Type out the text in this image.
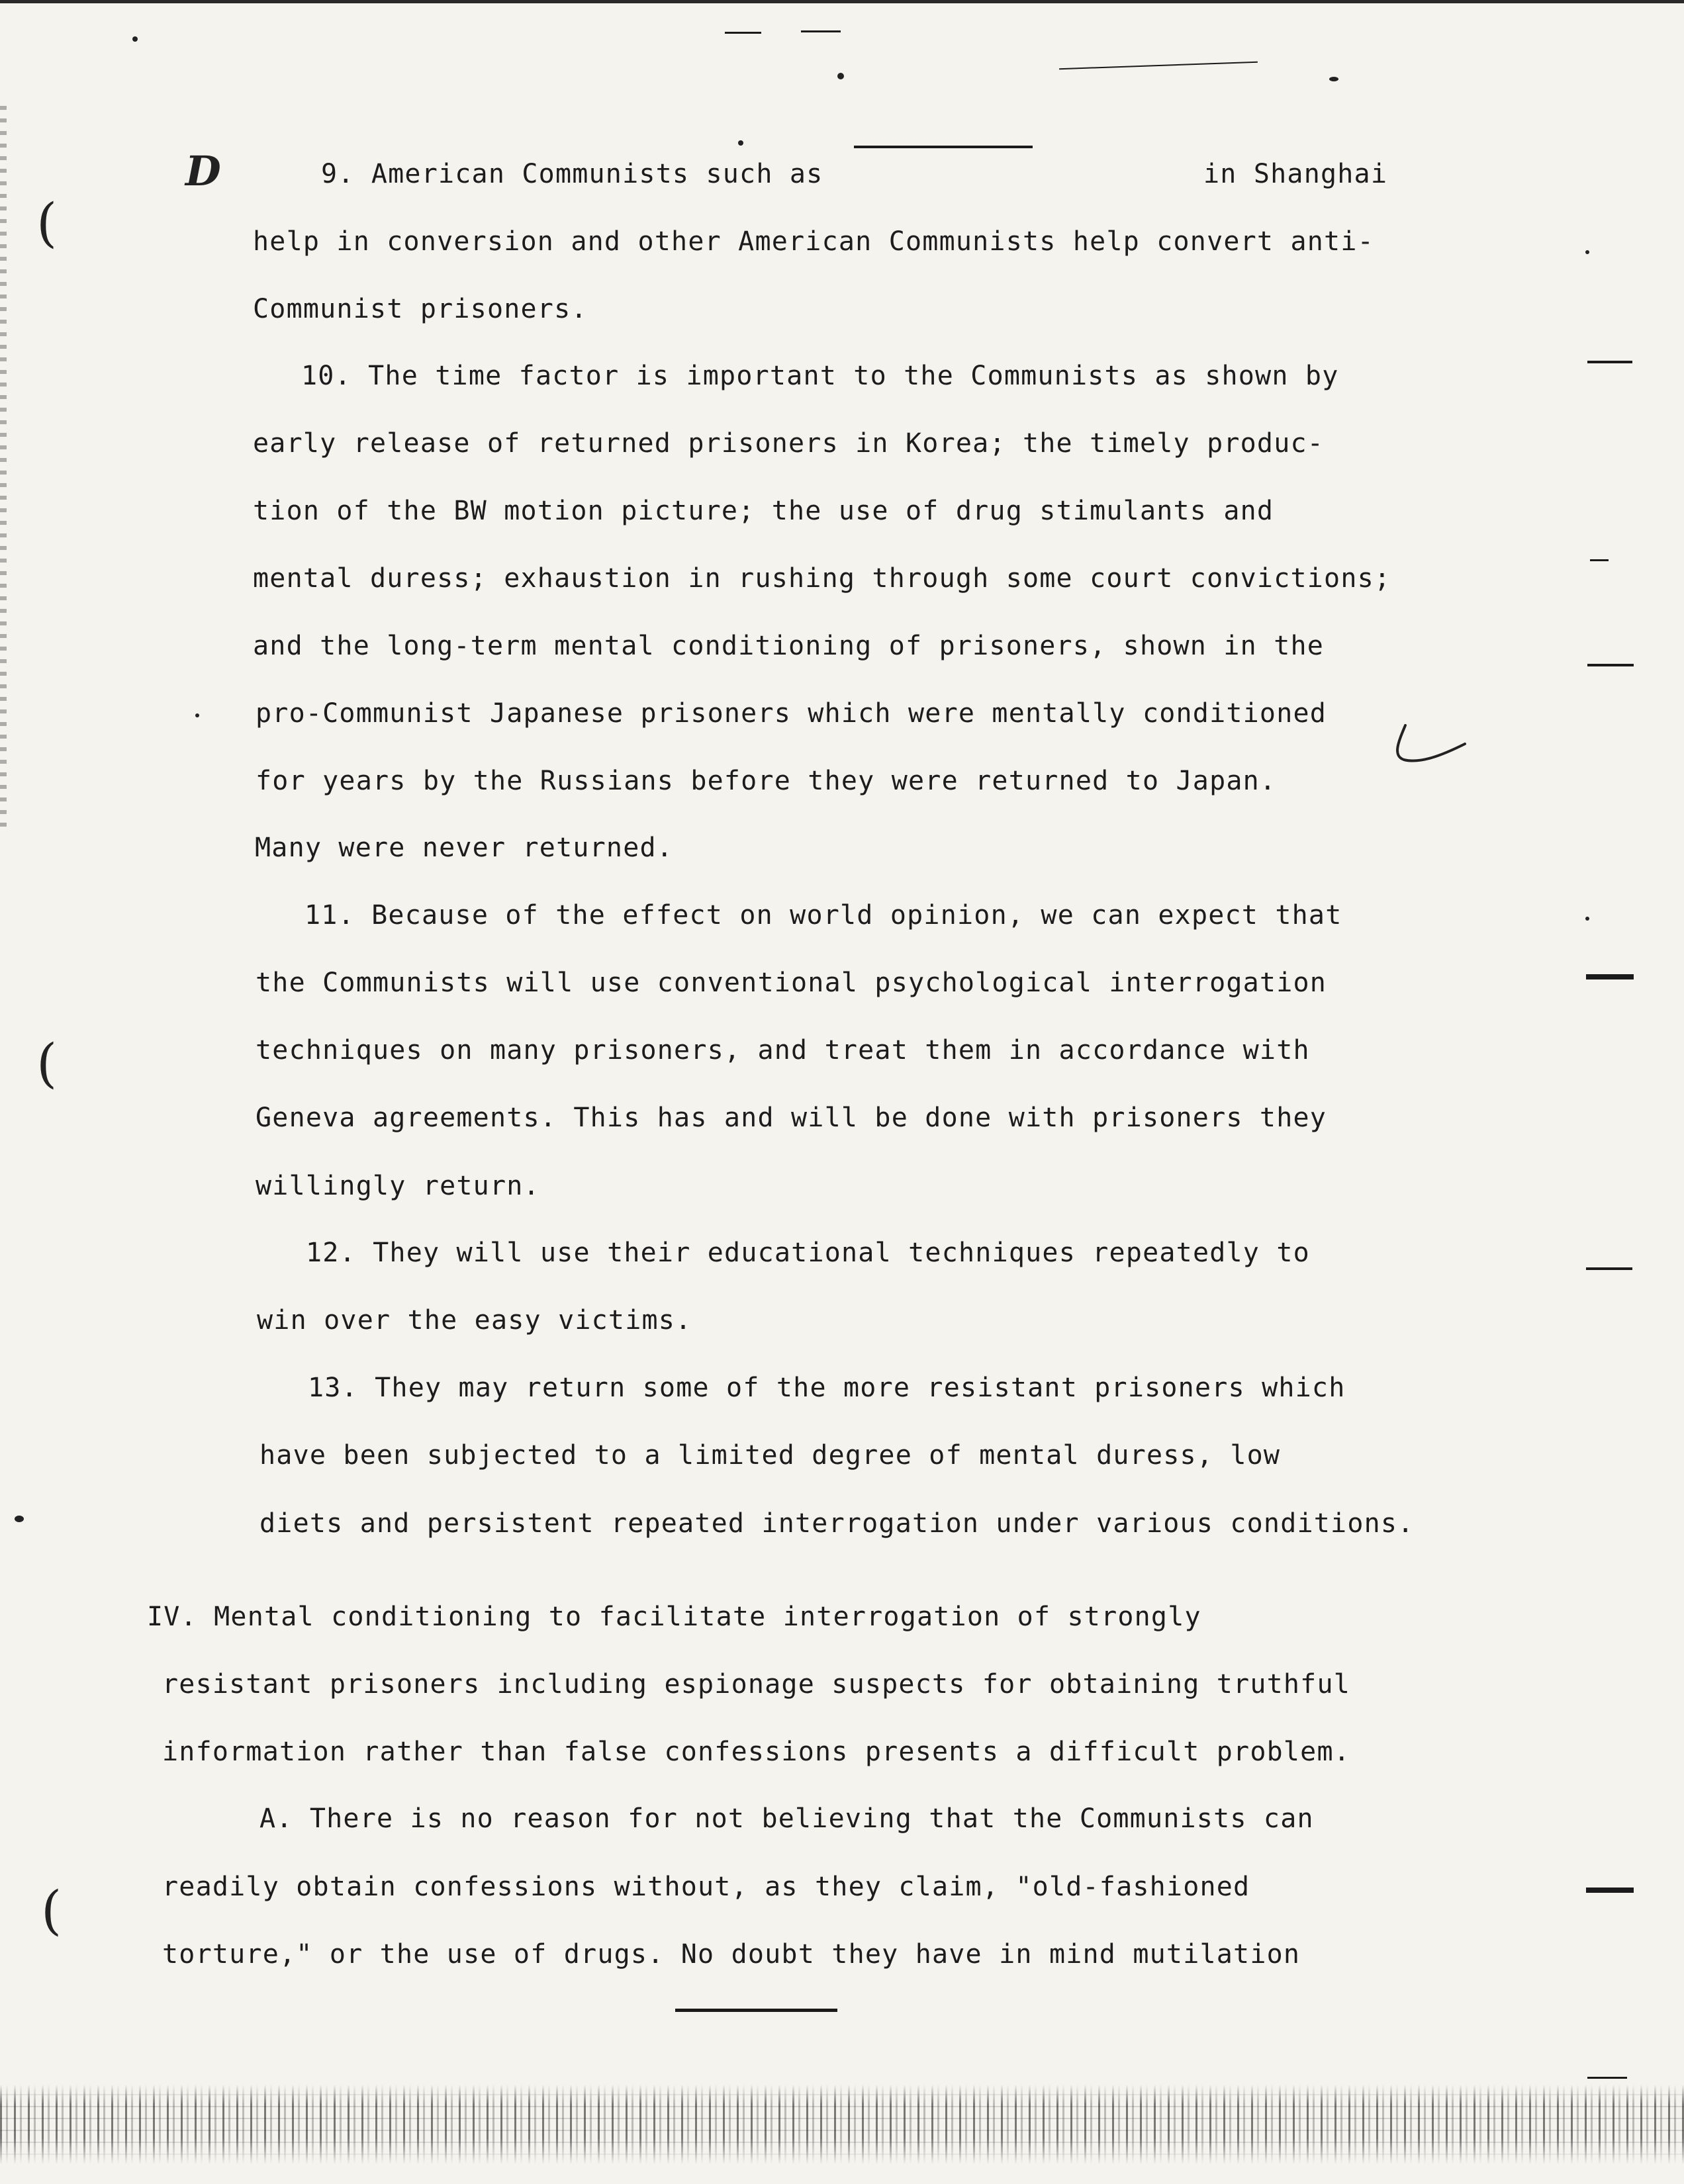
D
(
(
(
9. American Communists such as	in Shanghai
help in conversion and other American Communists help convert anti-
Communist prisoners.
10. The time factor is important to the Communists as shown by
early release of returned prisoners in Korea; the timely produc-
tion of the BW motion picture; the use of drug stimulants and
mental duress; exhaustion in rushing through some court convictions;
and the long-term mental conditioning of prisoners, shown in the
pro-Communist Japanese prisoners which were mentally conditioned
for years by the Russians before they were returned to Japan.
Many were never returned.
11. Because of the effect on world opinion, we can expect that
the Communists will use conventional psychological interrogation
techniques on many prisoners, and treat them in accordance with
Geneva agreements. This has and will be done with prisoners they
willingly return.
12. They will use their educational techniques repeatedly to
win over the easy victims.
13. They may return some of the more resistant prisoners which
have been subjected to a limited degree of mental duress, low
diets and persistent repeated interrogation under various conditions.
IV. Mental conditioning to facilitate interrogation of strongly
resistant prisoners including espionage suspects for obtaining truthful
information rather than false confessions presents a difficult problem.
A. There is no reason for not believing that the Communists can
readily obtain confessions without, as they claim, "old-fashioned
torture," or the use of drugs. No doubt they have in mind mutilation
